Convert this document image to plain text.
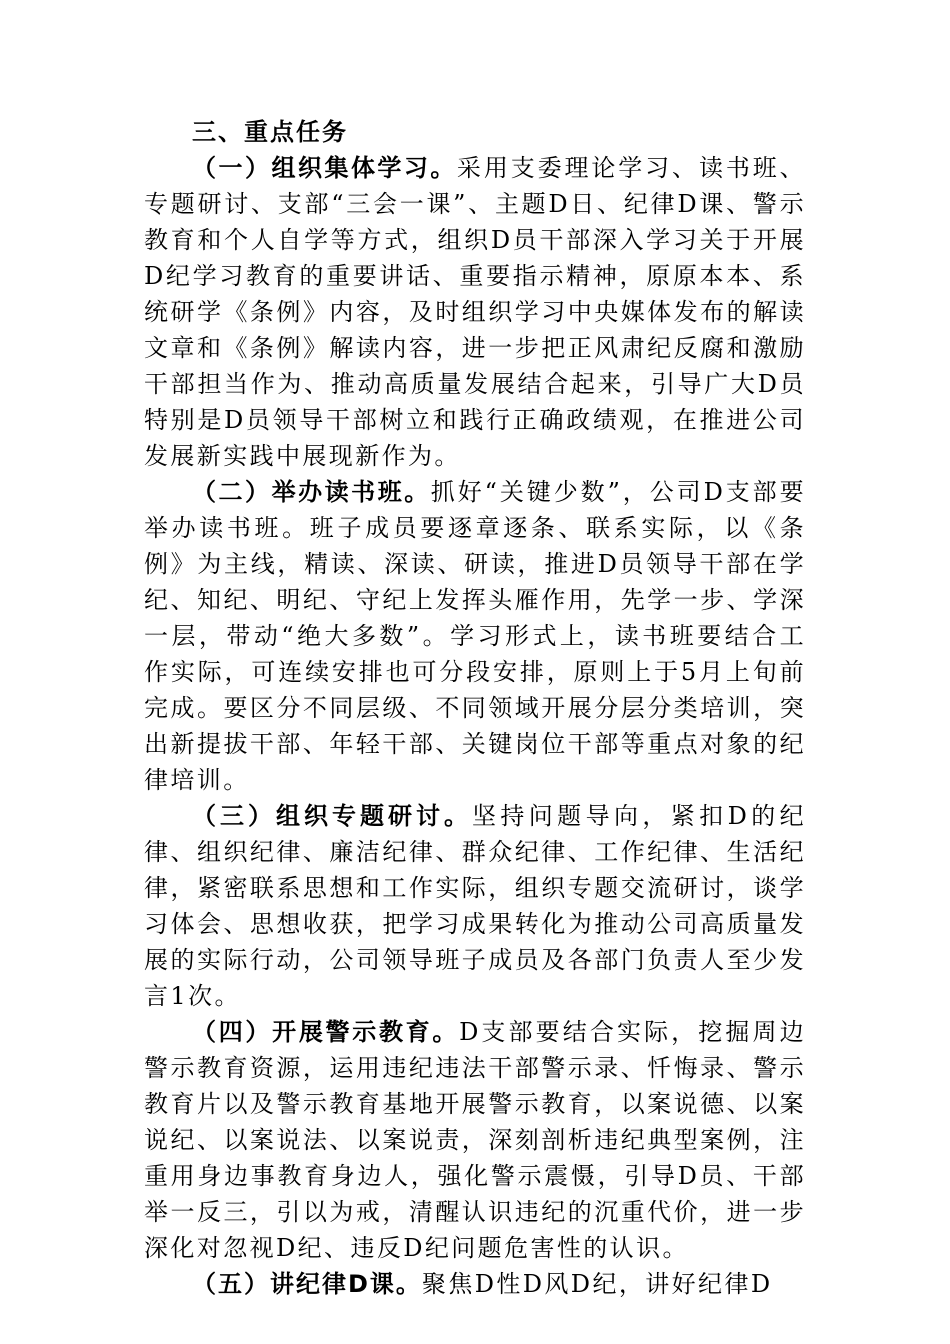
三、重点任务

（一）组织集体学习。采用支委理论学习、读书班、专题研讨、支部“三会一课”、主题D日、纪律D课、警示教育和个人自学等方式，组织D员干部深入学习关于开展D纪学习教育的重要讲话、重要指示精神，原原本本、系统研学《条例》内容，及时组织学习中央媒体发布的解读文章和《条例》解读内容，进一步把正风肃纪反腐和激励干部担当作为、推动高质量发展结合起来，引导广大D员特别是D员领导干部树立和践行正确政绩观，在推进公司发展新实践中展现新作为。

（二）举办读书班。抓好“关键少数”，公司D支部要举办读书班。班子成员要逐章逐条、联系实际，以《条例》为主线，精读、深读、研读，推进D员领导干部在学纪、知纪、明纪、守纪上发挥头雁作用，先学一步、学深一层，带动“绝大多数”。学习形式上，读书班要结合工作实际，可连续安排也可分段安排，原则上于5月上旬前完成。要区分不同层级、不同领域开展分层分类培训，突出新提拔干部、年轻干部、关键岗位干部等重点对象的纪律培训。

（三）组织专题研讨。坚持问题导向，紧扣D的纪律、组织纪律、廉洁纪律、群众纪律、工作纪律、生活纪律，紧密联系思想和工作实际，组织专题交流研讨，谈学习体会、思想收获，把学习成果转化为推动公司高质量发展的实际行动，公司领导班子成员及各部门负责人至少发言1次。

（四）开展警示教育。D支部要结合实际，挖掘周边警示教育资源，运用违纪违法干部警示录、忏悔录、警示教育片以及警示教育基地开展警示教育，以案说德、以案说纪、以案说法、以案说责，深刻剖析违纪典型案例，注重用身边事教育身边人，强化警示震慑，引导D员、干部举一反三，引以为戒，清醒认识违纪的沉重代价，进一步深化对忽视D纪、违反D纪问题危害性的认识。

（五）讲纪律D课。聚焦D性D风D纪，讲好纪律D
